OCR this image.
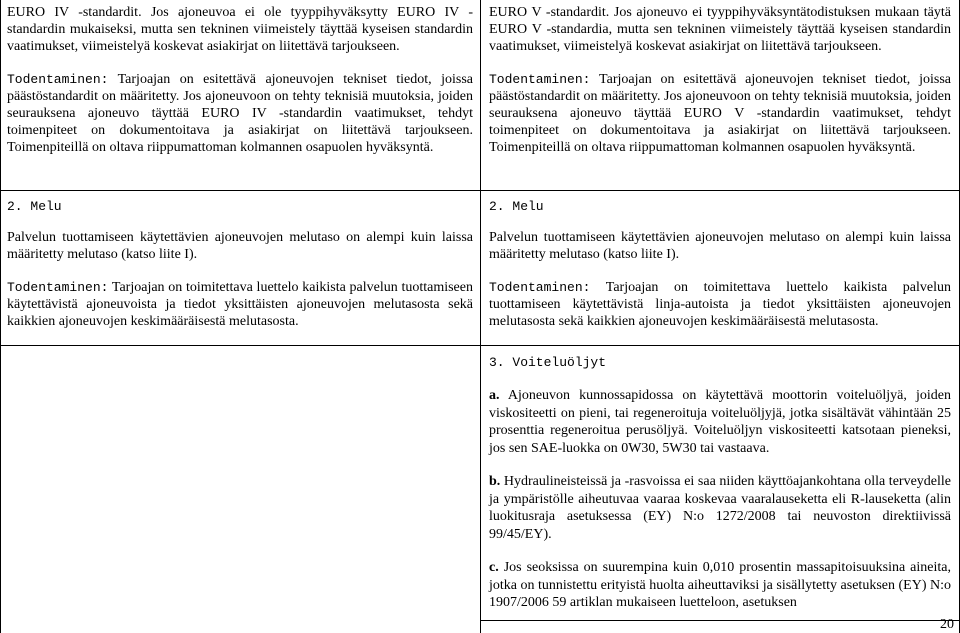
EURO IV -standardit. Jos ajoneuvoa ei ole tyyppihyväksytty EURO IV -standardin mukaiseksi, mutta sen tekninen viimeistely täyttää kyseisen standardin vaatimukset, viimeistelyä koskevat asiakirjat on liitettävä tarjoukseen.

Todentaminen: Tarjoajan on esitettävä ajoneuvojen tekniset tiedot, joissa päästöstandardit on määritetty. Jos ajoneuvoon on tehty teknisiä muutoksia, joiden seurauksena ajoneuvo täyttää EURO IV -standardin vaatimukset, tehdyt toimenpiteet on dokumentoitava ja asiakirjat on liitettävä tarjoukseen. Toimenpiteillä on oltava riippumattoman kolmannen osapuolen hyväksyntä.

EURO V -standardit. Jos ajoneuvo ei tyyppihyväksyntätodistuksen mukaan täytä EURO V -standardia, mutta sen tekninen viimeistely täyttää kyseisen standardin vaatimukset, viimeistelyä koskevat asiakirjat on liitettävä tarjoukseen.

Todentaminen: Tarjoajan on esitettävä ajoneuvojen tekniset tiedot, joissa päästöstandardit on määritetty. Jos ajoneuvoon on tehty teknisiä muutoksia, joiden seurauksena ajoneuvo täyttää EURO V -standardin vaatimukset, tehdyt toimenpiteet on dokumentoitava ja asiakirjat on liitettävä tarjoukseen. Toimenpiteillä on oltava riippumattoman kolmannen osapuolen hyväksyntä.

2. Melu

Palvelun tuottamiseen käytettävien ajoneuvojen melutaso on alempi kuin laissa määritetty melutaso (katso liite I).

Todentaminen: Tarjoajan on toimitettava luettelo kaikista palvelun tuottamiseen käytettävistä ajoneuvoista ja tiedot yksittäisten ajoneuvojen melutasosta sekä kaikkien ajoneuvojen keskimääräisestä melutasosta.

2. Melu

Palvelun tuottamiseen käytettävien ajoneuvojen melutaso on alempi kuin laissa määritetty melutaso (katso liite I).

Todentaminen: Tarjoajan on toimitettava luettelo kaikista palvelun tuottamiseen käytettävistä linja-autoista ja tiedot yksittäisten ajoneuvojen melutasosta sekä kaikkien ajoneuvojen keskimääräisestä melutasosta.

3. Voiteluöljyt

a. Ajoneuvon kunnossapidossa on käytettävä moottorin voiteluöljyä, joiden viskositeetti on pieni, tai regeneroituja voiteluöljyjä, jotka sisältävät vähintään 25 prosenttia regeneroitua perusöljyä. Voiteluöljyn viskositeetti katsotaan pieneksi, jos sen SAE-luokka on 0W30, 5W30 tai vastaava.

b. Hydraulineisteissä ja -rasvoissa ei saa niiden käyttöajankohtana olla terveydelle ja ympäristölle aiheutuvaa vaaraa koskevaa vaaralauseketta eli R-lauseketta (alin luokitusraja asetuksessa (EY) N:o 1272/2008 tai neuvoston direktiivissä 99/45/EY).

c. Jos seoksissa on suurempina kuin 0,010 prosentin massapitoisuuksina aineita, jotka on tunnistettu erityistä huolta aiheuttaviksi ja sisällytetty asetuksen (EY) N:o 1907/2006 59 artiklan mukaiseen luetteloon, asetuksen

20
